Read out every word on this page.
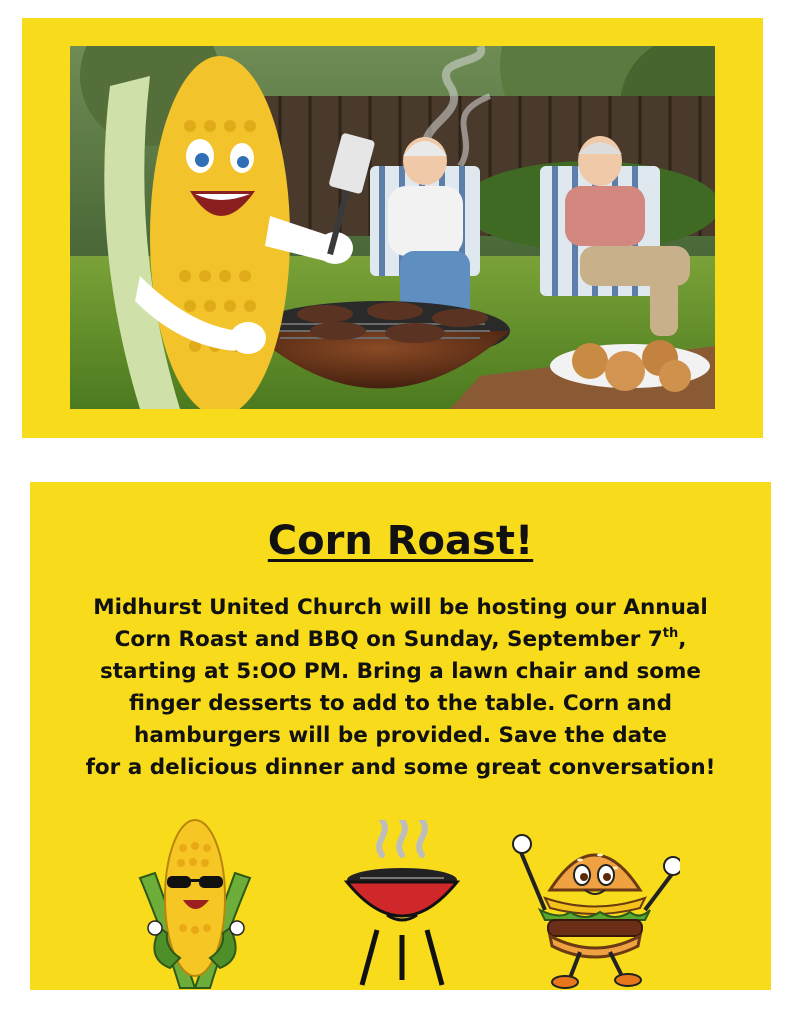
Corn Roast!
Midhurst United Church will be hosting our Annual
Corn Roast and BBQ on Sunday, September 7th,
starting at 5:OO PM. Bring a lawn chair and some
finger desserts to add to the table. Corn and
hamburgers will be provided. Save the date
for a delicious dinner and some great conversation!
